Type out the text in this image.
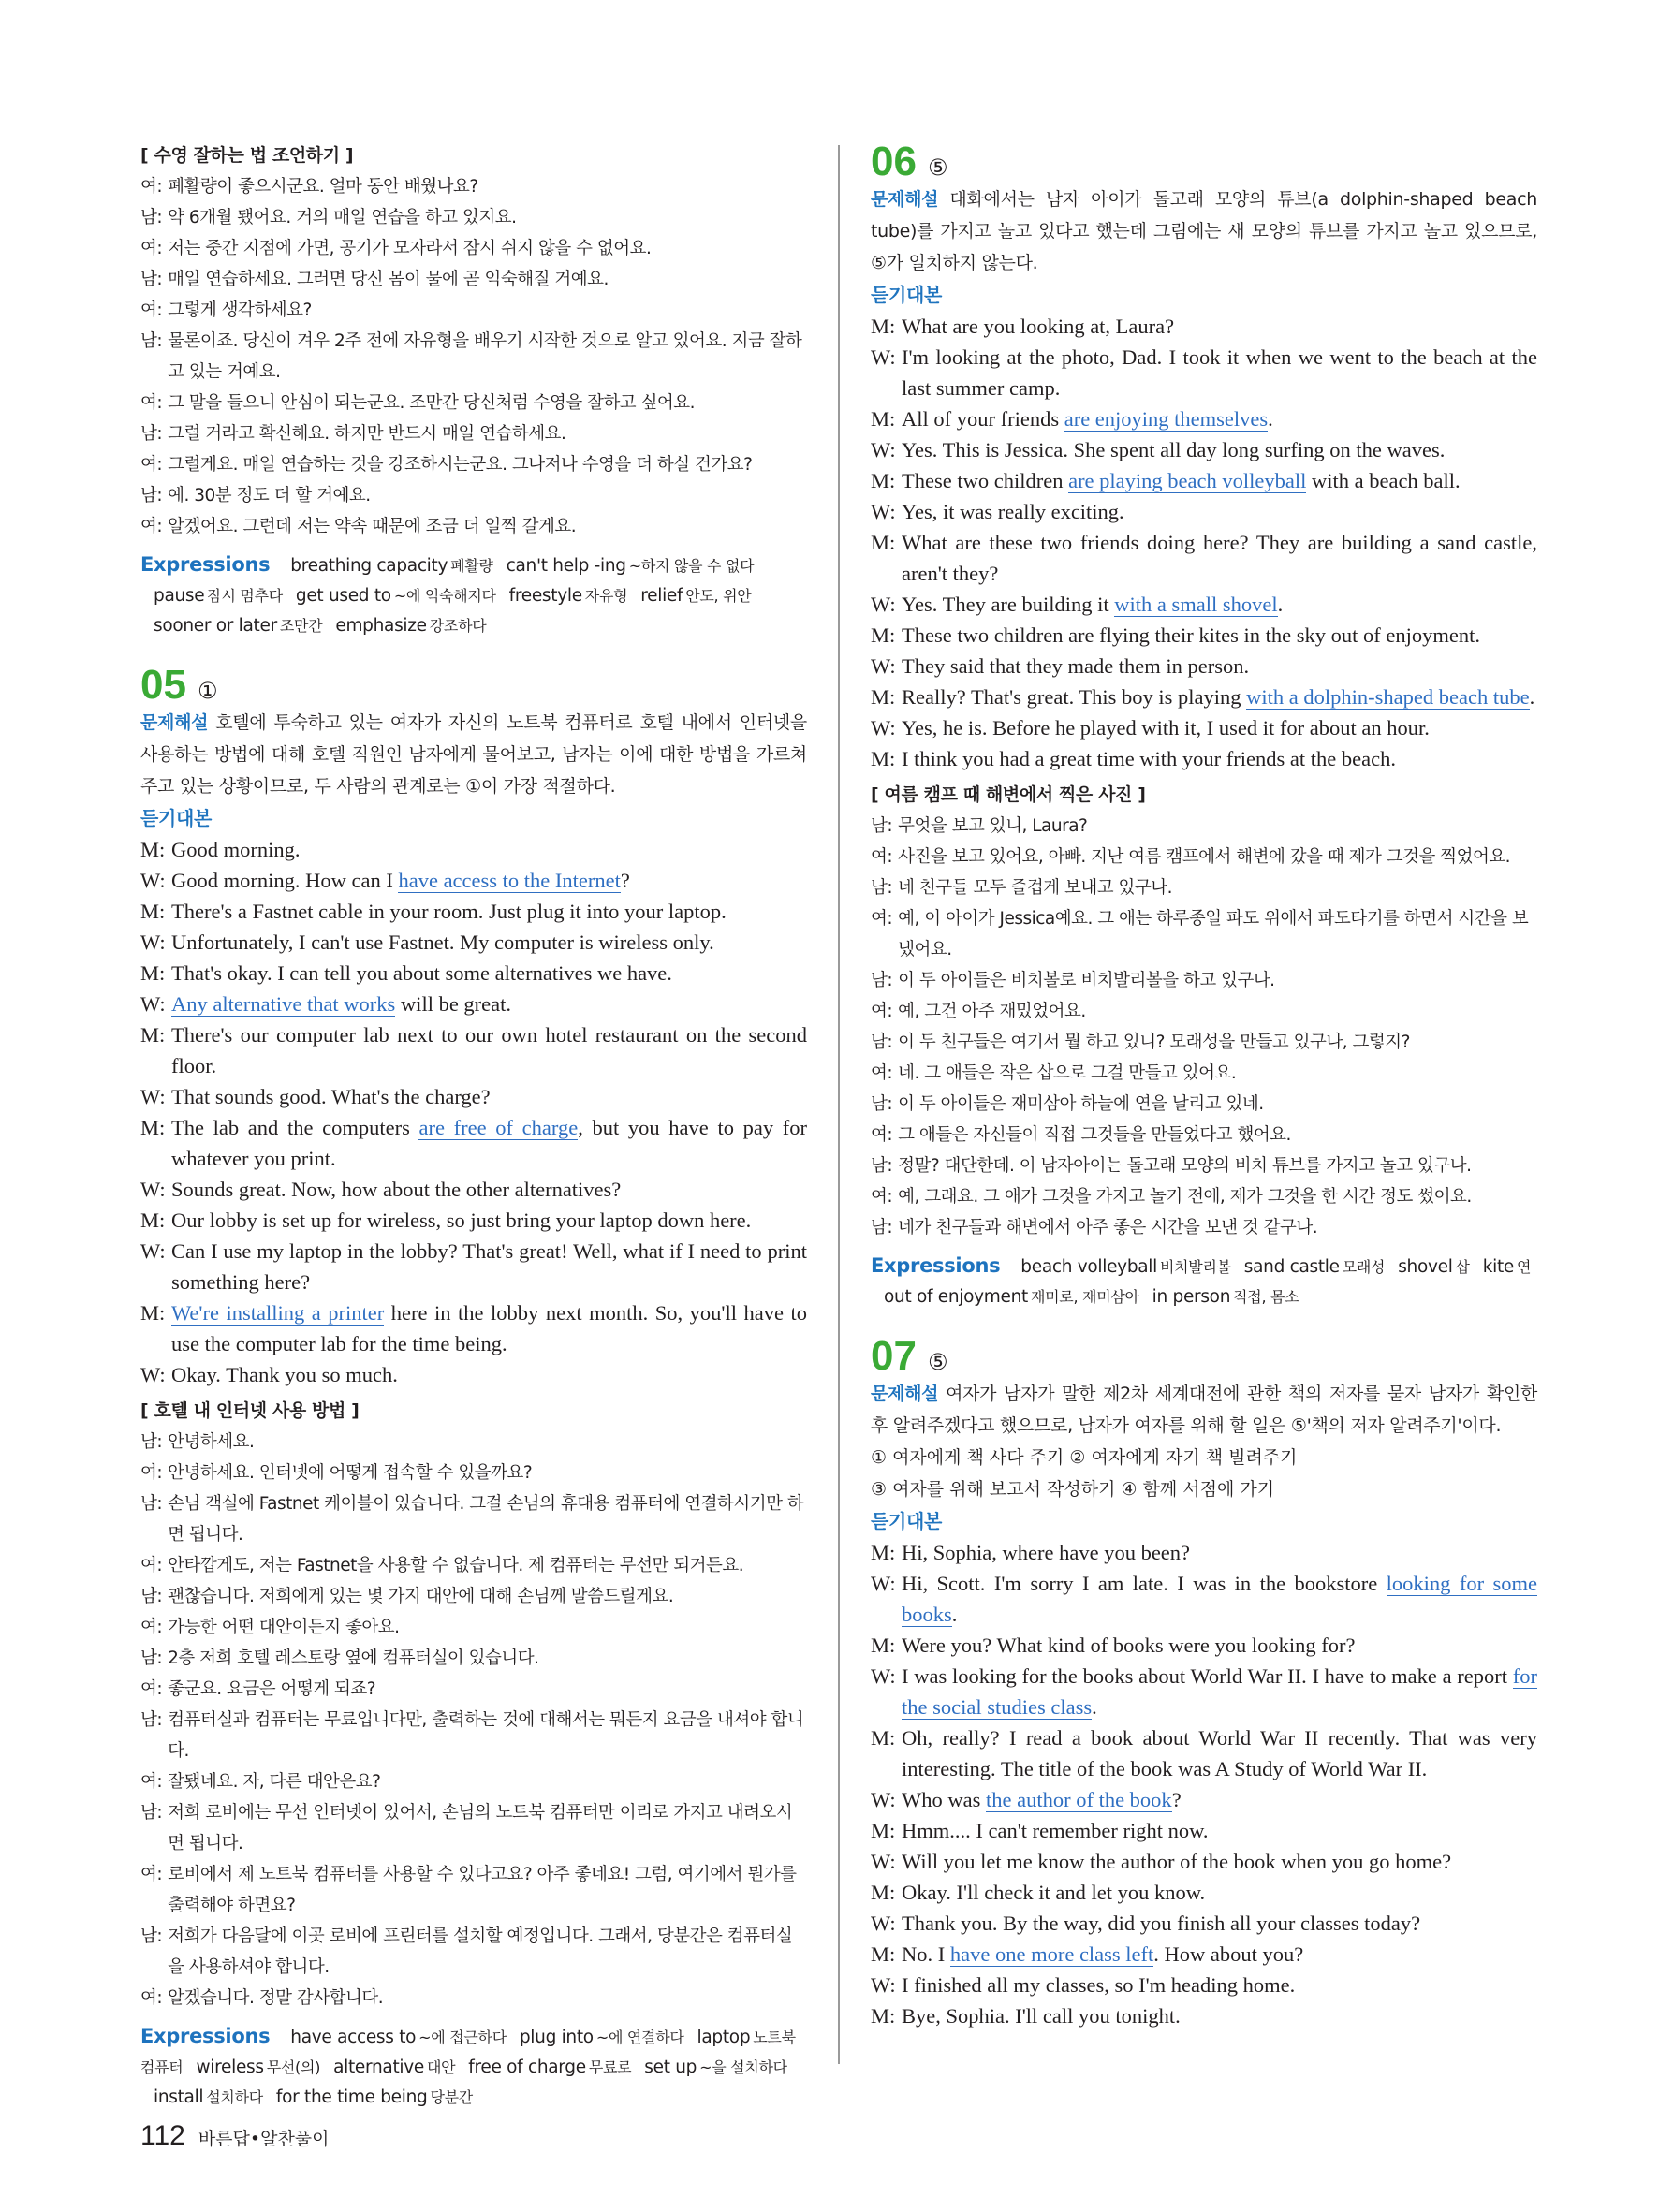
[ 수영 잘하는 법 조언하기 ]
여: 폐활량이 좋으시군요. 얼마 동안 배웠나요?
남: 약 6개월 됐어요. 거의 매일 연습을 하고 있지요.
여: 저는 중간 지점에 가면, 공기가 모자라서 잠시 쉬지 않을 수 없어요.
남: 매일 연습하세요. 그러면 당신 몸이 물에 곧 익숙해질 거예요.
여: 그렇게 생각하세요?
남: 물론이죠. 당신이 겨우 2주 전에 자유형을 배우기 시작한 것으로 알고 있어요. 지금 잘하고 있는 거예요.
여: 그 말을 들으니 안심이 되는군요. 조만간 당신처럼 수영을 잘하고 싶어요.
남: 그럴 거라고 확신해요. 하지만 반드시 매일 연습하세요.
여: 그럴게요. 매일 연습하는 것을 강조하시는군요. 그나저나 수영을 더 하실 건가요?
남: 예. 30분 정도 더 할 거예요.
여: 알겠어요. 그런데 저는 약속 때문에 조금 더 일찍 갈게요.
Expressions breathing capacity 폐활량 can't help -ing ~하지 않을 수 없다pause 잠시 멈추다 get used to ~에 익숙해지다 freestyle 자유형 relief 안도, 위안sooner or later 조만간 emphasize 강조하다
05 ①
문제해설 호텔에 투숙하고 있는 여자가 자신의 노트북 컴퓨터로 호텔 내에서 인터넷을 사용하는 방법에 대해 호텔 직원인 남자에게 물어보고, 남자는 이에 대한 방법을 가르쳐주고 있는 상황이므로, 두 사람의 관계로는 ①이 가장 적절하다.
듣기대본
M: Good morning.
W: Good morning. How can I have access to the Internet?
M: There's a Fastnet cable in your room. Just plug it into your laptop.
W: Unfortunately, I can't use Fastnet. My computer is wireless only.
M: That's okay. I can tell you about some alternatives we have.
W: Any alternative that works will be great.
M: There's our computer lab next to our own hotel restaurant on the second floor.
W: That sounds good. What's the charge?
M: The lab and the computers are free of charge, but you have to pay for whatever you print.
W: Sounds great. Now, how about the other alternatives?
M: Our lobby is set up for wireless, so just bring your laptop down here.
W: Can I use my laptop in the lobby? That's great! Well, what if I need to print something here?
M: We're installing a printer here in the lobby next month. So, you'll have to use the computer lab for the time being.
W: Okay. Thank you so much.
[ 호텔 내 인터넷 사용 방법 ]
남: 안녕하세요.
여: 안녕하세요. 인터넷에 어떻게 접속할 수 있을까요?
남: 손님 객실에 Fastnet 케이블이 있습니다. 그걸 손님의 휴대용 컴퓨터에 연결하시기만 하면 됩니다.
여: 안타깝게도, 저는 Fastnet을 사용할 수 없습니다. 제 컴퓨터는 무선만 되거든요.
남: 괜찮습니다. 저희에게 있는 몇 가지 대안에 대해 손님께 말씀드릴게요.
여: 가능한 어떤 대안이든지 좋아요.
남: 2층 저희 호텔 레스토랑 옆에 컴퓨터실이 있습니다.
여: 좋군요. 요금은 어떻게 되죠?
남: 컴퓨터실과 컴퓨터는 무료입니다만, 출력하는 것에 대해서는 뭐든지 요금을 내셔야 합니다.
여: 잘됐네요. 자, 다른 대안은요?
남: 저희 로비에는 무선 인터넷이 있어서, 손님의 노트북 컴퓨터만 이리로 가지고 내려오시면 됩니다.
여: 로비에서 제 노트북 컴퓨터를 사용할 수 있다고요? 아주 좋네요! 그럼, 여기에서 뭔가를 출력해야 하면요?
남: 저희가 다음달에 이곳 로비에 프린터를 설치할 예정입니다. 그래서, 당분간은 컴퓨터실을 사용하셔야 합니다.
여: 알겠습니다. 정말 감사합니다.
Expressions have access to ~에 접근하다 plug into ~에 연결하다 laptop 노트북 컴퓨터 wireless 무선(의) alternative 대안 free of charge 무료로 set up ~을 설치하다install 설치하다 for the time being 당분간
06 ⑤
문제해설 대화에서는 남자 아이가 돌고래 모양의 튜브(a dolphin-shaped beach tube)를 가지고 놀고 있다고 했는데 그림에는 새 모양의 튜브를 가지고 놀고 있으므로, ⑤가 일치하지 않는다.
듣기대본
M: What are you looking at, Laura?
W: I'm looking at the photo, Dad. I took it when we went to the beach at the last summer camp.
M: All of your friends are enjoying themselves.
W: Yes. This is Jessica. She spent all day long surfing on the waves.
M: These two children are playing beach volleyball with a beach ball.
W: Yes, it was really exciting.
M: What are these two friends doing here? They are building a sand castle, aren't they?
W: Yes. They are building it with a small shovel.
M: These two children are flying their kites in the sky out of enjoyment.
W: They said that they made them in person.
M: Really? That's great. This boy is playing with a dolphin-shaped beach tube.
W: Yes, he is. Before he played with it, I used it for about an hour.
M: I think you had a great time with your friends at the beach.
[ 여름 캠프 때 해변에서 찍은 사진 ]
남: 무엇을 보고 있니, Laura?
여: 사진을 보고 있어요, 아빠. 지난 여름 캠프에서 해변에 갔을 때 제가 그것을 찍었어요.
남: 네 친구들 모두 즐겁게 보내고 있구나.
여: 예, 이 아이가 Jessica예요. 그 애는 하루종일 파도 위에서 파도타기를 하면서 시간을 보냈어요.
남: 이 두 아이들은 비치볼로 비치발리볼을 하고 있구나.
여: 예, 그건 아주 재밌었어요.
남: 이 두 친구들은 여기서 뭘 하고 있니? 모래성을 만들고 있구나, 그렇지?
여: 네. 그 애들은 작은 삽으로 그걸 만들고 있어요.
남: 이 두 아이들은 재미삼아 하늘에 연을 날리고 있네.
여: 그 애들은 자신들이 직접 그것들을 만들었다고 했어요.
남: 정말? 대단한데. 이 남자아이는 돌고래 모양의 비치 튜브를 가지고 놀고 있구나.
여: 예, 그래요. 그 애가 그것을 가지고 놀기 전에, 제가 그것을 한 시간 정도 썼어요.
남: 네가 친구들과 해변에서 아주 좋은 시간을 보낸 것 같구나.
Expressions beach volleyball 비치발리볼 sand castle 모래성 shovel 삽 kite 연out of enjoyment 재미로, 재미삼아 in person 직접, 몸소
07 ⑤
문제해설 여자가 남자가 말한 제2차 세계대전에 관한 책의 저자를 묻자 남자가 확인한 후 알려주겠다고 했으므로, 남자가 여자를 위해 할 일은 ⑤'책의 저자 알려주기'이다.
① 여자에게 책 사다 주기 ② 여자에게 자기 책 빌려주기
③ 여자를 위해 보고서 작성하기 ④ 함께 서점에 가기
듣기대본
M: Hi, Sophia, where have you been?
W: Hi, Scott. I'm sorry I am late. I was in the bookstore looking for some books.
M: Were you? What kind of books were you looking for?
W: I was looking for the books about World War II. I have to make a report for the social studies class.
M: Oh, really? I read a book about World War II recently. That was very interesting. The title of the book was A Study of World War II.
W: Who was the author of the book?
M: Hmm.... I can't remember right now.
W: Will you let me know the author of the book when you go home?
M: Okay. I'll check it and let you know.
W: Thank you. By the way, did you finish all your classes today?
M: No. I have one more class left. How about you?
W: I finished all my classes, so I'm heading home.
M: Bye, Sophia. I'll call you tonight.
112 바른답•알찬풀이
